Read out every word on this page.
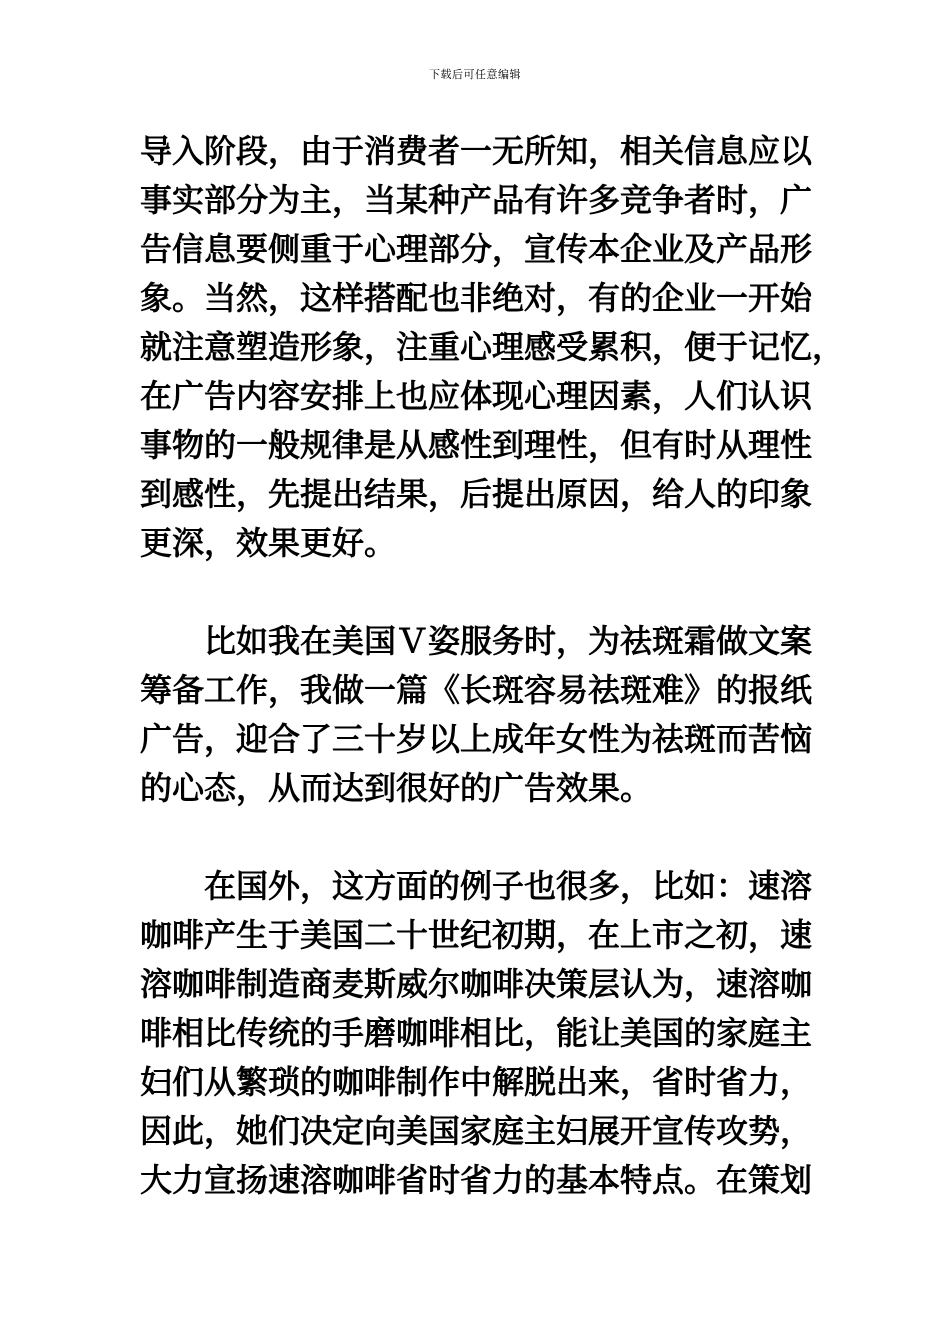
下载后可任意编辑
导入阶段，由于消费者一无所知，相关信息应以
事实部分为主，当某种产品有许多竞争者时，广
告信息要侧重于心理部分，宣传本企业及产品形
象。当然，这样搭配也非绝对，有的企业一开始
就注意塑造形象，注重心理感受累积，便于记忆，
在广告内容安排上也应体现心理因素，人们认识
事物的一般规律是从感性到理性，但有时从理性
到感性，先提出结果，后提出原因，给人的印象
更深，效果更好。
　　比如我在美国Ｖ姿服务时，为祛斑霜做文案
筹备工作，我做一篇《长斑容易祛斑难》的报纸
广告，迎合了三十岁以上成年女性为祛斑而苦恼
的心态，从而达到很好的广告效果。
　　在国外，这方面的例子也很多，比如：速溶
咖啡产生于美国二十世纪初期，在上市之初，速
溶咖啡制造商麦斯威尔咖啡决策层认为，速溶咖
啡相比传统的手磨咖啡相比，能让美国的家庭主
妇们从繁琐的咖啡制作中解脱出来，省时省力，
因此，她们决定向美国家庭主妇展开宣传攻势，
大力宣扬速溶咖啡省时省力的基本特点。在策划
